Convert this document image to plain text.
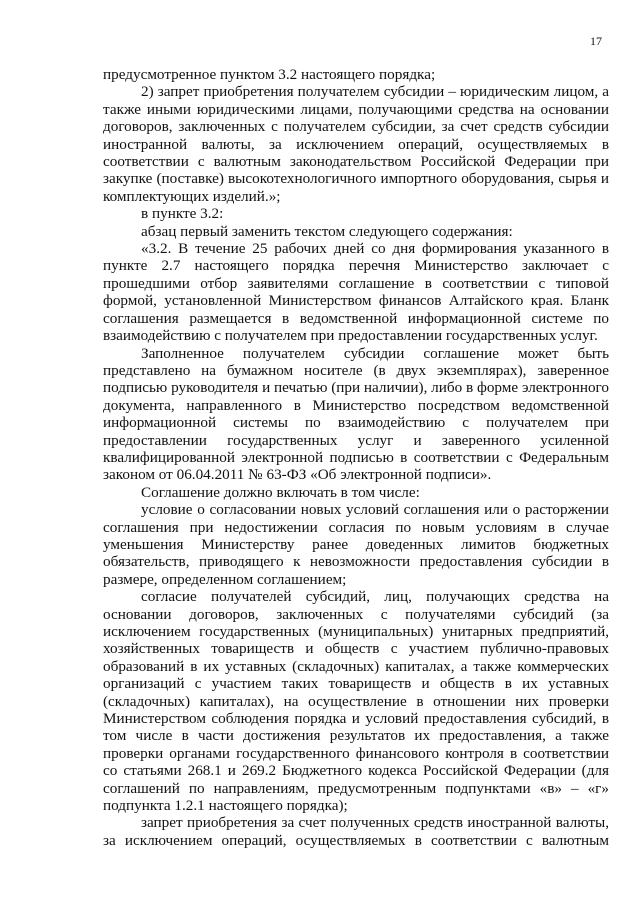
17

предусмотренное пунктом 3.2 настоящего порядка;

2) запрет приобретения получателем субсидии – юридическим лицом, а также иными юридическими лицами, получающими средства на основании договоров, заключенных с получателем субсидии, за счет средств субсидии иностранной валюты, за исключением операций, осуществляемых в соответствии с валютным законодательством Российской Федерации при закупке (поставке) высокотехнологичного импортного оборудования, сырья и комплектующих изделий.»;

в пункте 3.2:

абзац первый заменить текстом следующего содержания:

«3.2. В течение 25 рабочих дней со дня формирования указанного в пункте 2.7 настоящего порядка перечня Министерство заключает с прошедшими отбор заявителями соглашение в соответствии с типовой формой, установленной Министерством финансов Алтайского края. Бланк соглашения размещается в ведомственной информационной системе по взаимодействию с получателем при предоставлении государственных услуг.

Заполненное получателем субсидии соглашение может быть представлено на бумажном носителе (в двух экземплярах), заверенное подписью руководителя и печатью (при наличии), либо в форме электронного документа, направленного в Министерство посредством ведомственной информационной системы по взаимодействию с получателем при предоставлении государственных услуг и заверенного усиленной квалифицированной электронной подписью в соответствии с Федеральным законом от 06.04.2011 № 63-ФЗ «Об электронной подписи».

Соглашение должно включать в том числе:

условие о согласовании новых условий соглашения или о расторжении соглашения при недостижении согласия по новым условиям в случае уменьшения Министерству ранее доведенных лимитов бюджетных обязательств, приводящего к невозможности предоставления субсидии в размере, определенном соглашением;

согласие получателей субсидий, лиц, получающих средства на основании договоров, заключенных с получателями субсидий (за исключением государственных (муниципальных) унитарных предприятий, хозяйственных товариществ и обществ с участием публично-правовых образований в их уставных (складочных) капиталах, а также коммерческих организаций с участием таких товариществ и обществ в их уставных (складочных) капиталах), на осуществление в отношении них проверки Министерством соблюдения порядка и условий предоставления субсидий, в том числе в части достижения результатов их предоставления, а также проверки органами государственного финансового контроля в соответствии со статьями 268.1 и 269.2 Бюджетного кодекса Российской Федерации (для соглашений по направлениям, предусмотренным подпунктами «в» – «г» подпункта 1.2.1 настоящего порядка);

запрет приобретения за счет полученных средств иностранной валюты, за исключением операций, осуществляемых в соответствии с валютным
